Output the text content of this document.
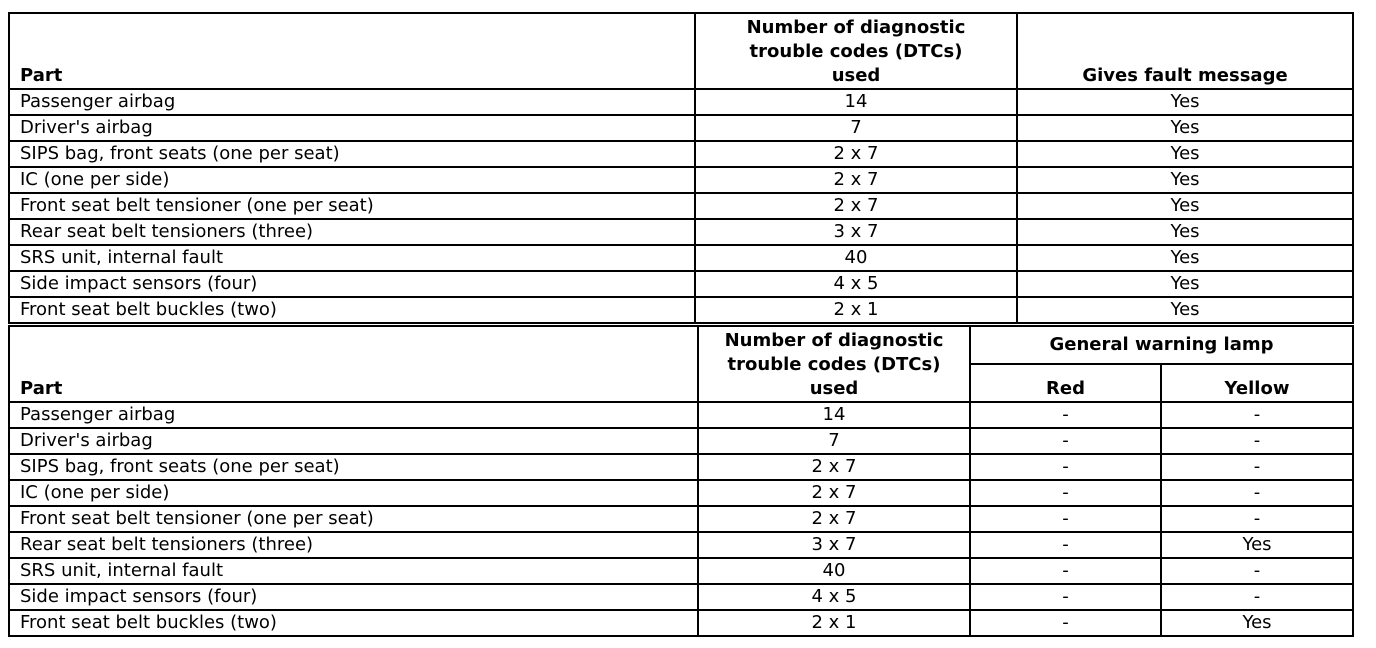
Part	Number of diagnostic
trouble codes (DTCs)
used	Gives fault message
Passenger airbag	14	Yes
Driver's airbag	7	Yes
SIPS bag, front seats (one per seat)	2 x 7	Yes
IC (one per side)	2 x 7	Yes
Front seat belt tensioner (one per seat)	2 x 7	Yes
Rear seat belt tensioners (three)	3 x 7	Yes
SRS unit, internal fault	40	Yes
Side impact sensors (four)	4 x 5	Yes
Front seat belt buckles (two)	2 x 1	Yes
Part	Number of diagnostic
trouble codes (DTCs)
used	General warning lamp	
		Red	Yellow
Passenger airbag	14	-	-
Driver's airbag	7	-	-
SIPS bag, front seats (one per seat)	2 x 7	-	-
IC (one per side)	2 x 7	-	-
Front seat belt tensioner (one per seat)	2 x 7	-	-
Rear seat belt tensioners (three)	3 x 7	-	Yes
SRS unit, internal fault	40	-	-
Side impact sensors (four)	4 x 5	-	-
Front seat belt buckles (two)	2 x 1	-	Yes
